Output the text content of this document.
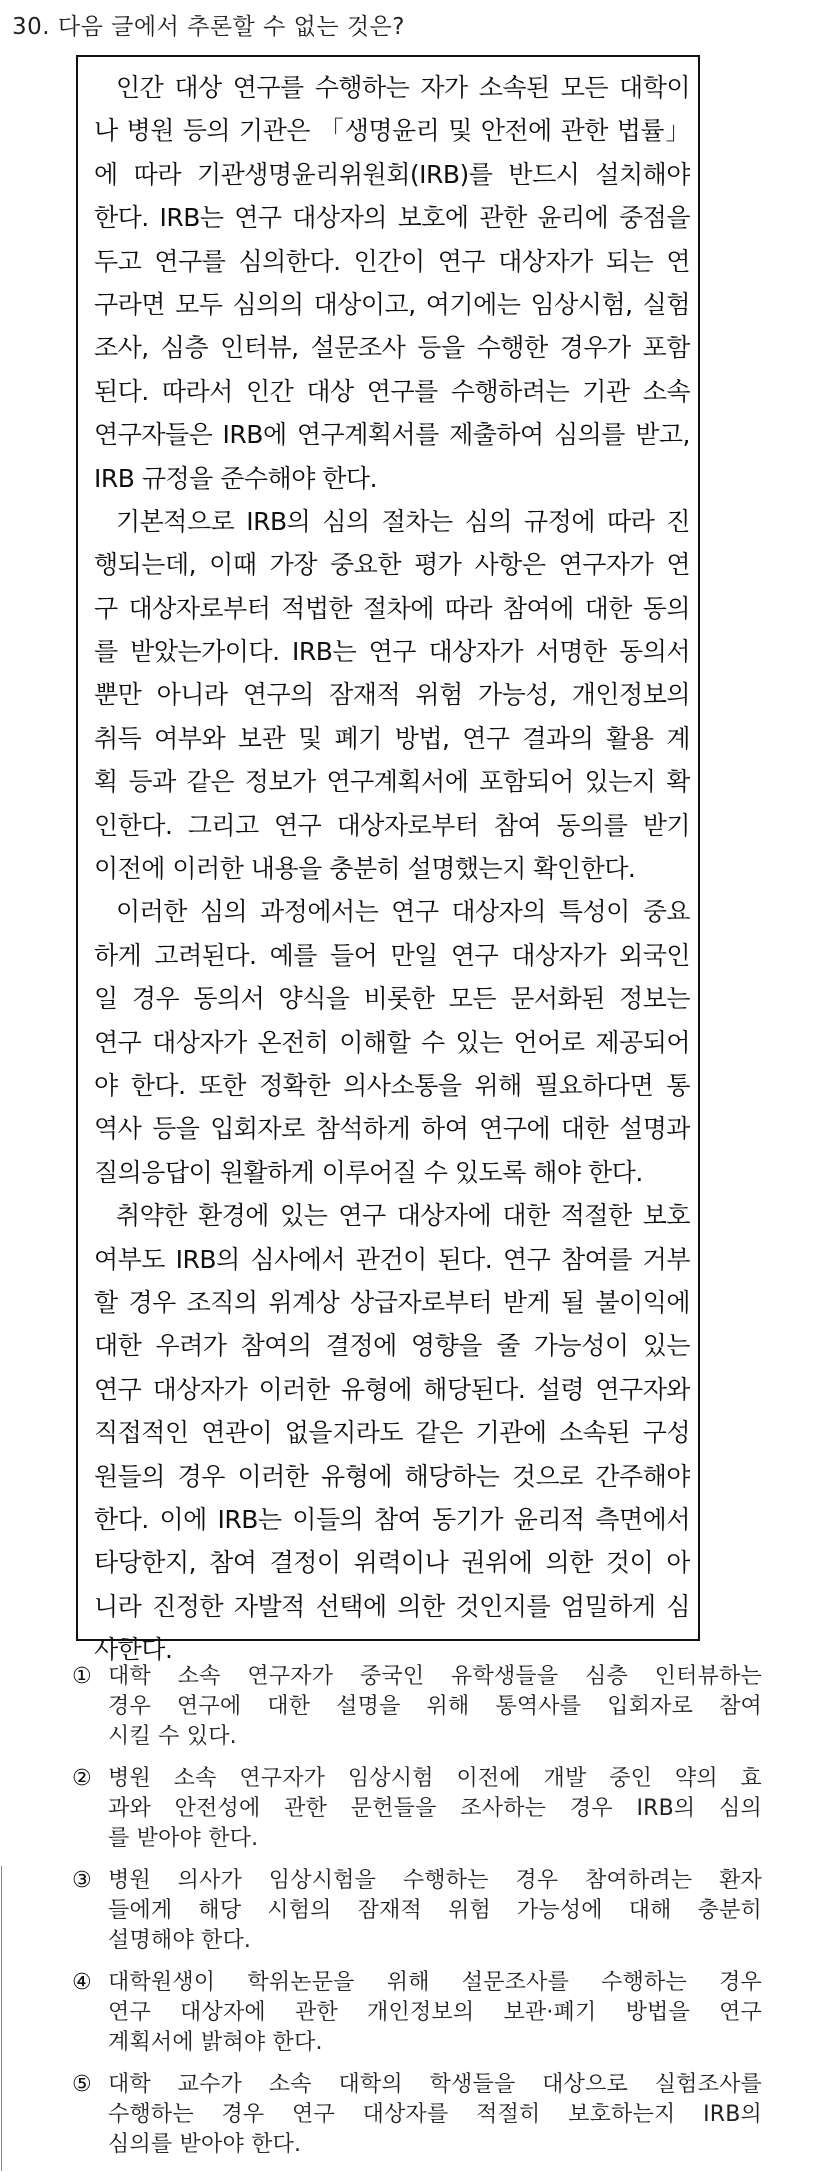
30. 다음 글에서 추론할 수 없는 것은?
인간 대상 연구를 수행하는 자가 소속된 모든 대학이
나 병원 등의 기관은 「생명윤리 및 안전에 관한 법률」
에 따라 기관생명윤리위원회(IRB)를 반드시 설치해야
한다. IRB는 연구 대상자의 보호에 관한 윤리에 중점을
두고 연구를 심의한다. 인간이 연구 대상자가 되는 연
구라면 모두 심의의 대상이고, 여기에는 임상시험, 실험
조사, 심층 인터뷰, 설문조사 등을 수행한 경우가 포함
된다. 따라서 인간 대상 연구를 수행하려는 기관 소속
연구자들은 IRB에 연구계획서를 제출하여 심의를 받고,
IRB 규정을 준수해야 한다.
기본적으로 IRB의 심의 절차는 심의 규정에 따라 진
행되는데, 이때 가장 중요한 평가 사항은 연구자가 연
구 대상자로부터 적법한 절차에 따라 참여에 대한 동의
를 받았는가이다. IRB는 연구 대상자가 서명한 동의서
뿐만 아니라 연구의 잠재적 위험 가능성, 개인정보의
취득 여부와 보관 및 폐기 방법, 연구 결과의 활용 계
획 등과 같은 정보가 연구계획서에 포함되어 있는지 확
인한다. 그리고 연구 대상자로부터 참여 동의를 받기
이전에 이러한 내용을 충분히 설명했는지 확인한다.
이러한 심의 과정에서는 연구 대상자의 특성이 중요
하게 고려된다. 예를 들어 만일 연구 대상자가 외국인
일 경우 동의서 양식을 비롯한 모든 문서화된 정보는
연구 대상자가 온전히 이해할 수 있는 언어로 제공되어
야 한다. 또한 정확한 의사소통을 위해 필요하다면 통
역사 등을 입회자로 참석하게 하여 연구에 대한 설명과
질의응답이 원활하게 이루어질 수 있도록 해야 한다.
취약한 환경에 있는 연구 대상자에 대한 적절한 보호
여부도 IRB의 심사에서 관건이 된다. 연구 참여를 거부
할 경우 조직의 위계상 상급자로부터 받게 될 불이익에
대한 우려가 참여의 결정에 영향을 줄 가능성이 있는
연구 대상자가 이러한 유형에 해당된다. 설령 연구자와
직접적인 연관이 없을지라도 같은 기관에 소속된 구성
원들의 경우 이러한 유형에 해당하는 것으로 간주해야
한다. 이에 IRB는 이들의 참여 동기가 윤리적 측면에서
타당한지, 참여 결정이 위력이나 권위에 의한 것이 아
니라 진정한 자발적 선택에 의한 것인지를 엄밀하게 심
사한다.
① 대학 소속 연구자가 중국인 유학생들을 심층 인터뷰하는
경우 연구에 대한 설명을 위해 통역사를 입회자로 참여
시킬 수 있다.
② 병원 소속 연구자가 임상시험 이전에 개발 중인 약의 효
과와 안전성에 관한 문헌들을 조사하는 경우 IRB의 심의
를 받아야 한다.
③ 병원 의사가 임상시험을 수행하는 경우 참여하려는 환자
들에게 해당 시험의 잠재적 위험 가능성에 대해 충분히
설명해야 한다.
④ 대학원생이 학위논문을 위해 설문조사를 수행하는 경우
연구 대상자에 관한 개인정보의 보관·폐기 방법을 연구
계획서에 밝혀야 한다.
⑤ 대학 교수가 소속 대학의 학생들을 대상으로 실험조사를
수행하는 경우 연구 대상자를 적절히 보호하는지 IRB의
심의를 받아야 한다.
